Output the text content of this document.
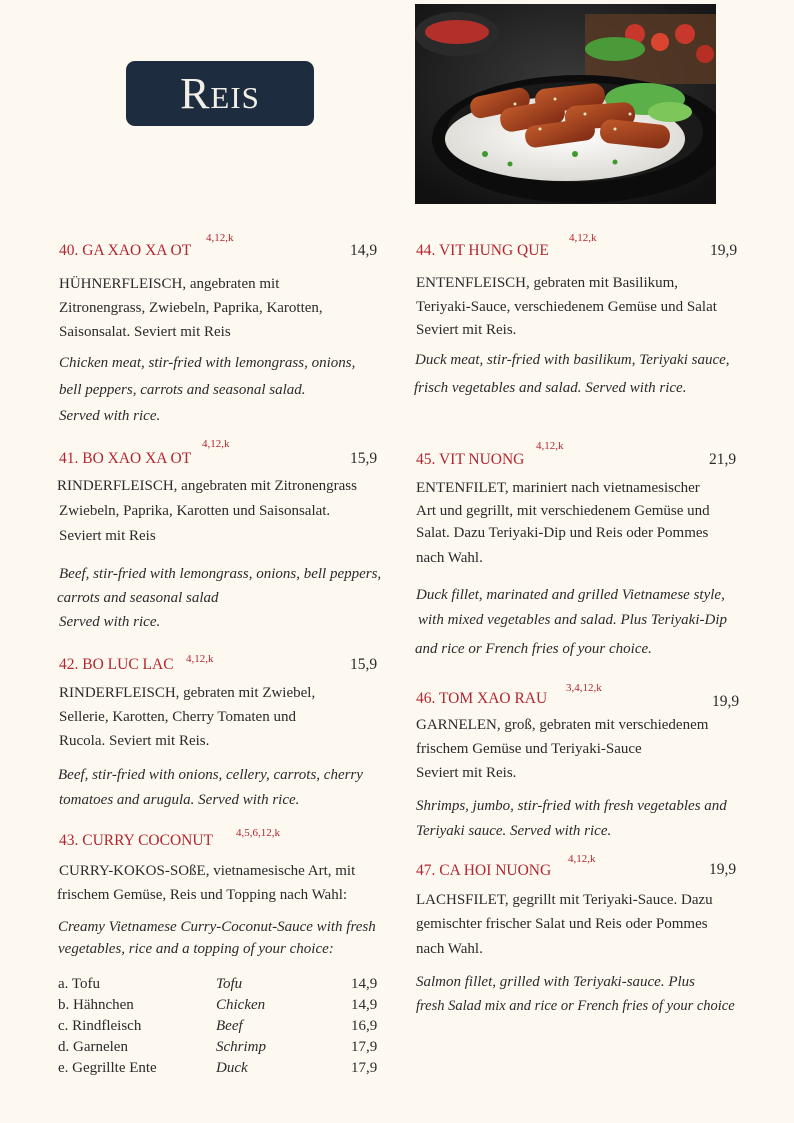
Reis
40. GA XAO XA OT
4,12,k
14,9
HÜHNERFLEISCH, angebraten mit
Zitronengrass, Zwiebeln, Paprika, Karotten,
Saisonsalat. Seviert mit Reis
Chicken meat, stir-fried with lemongrass, onions,
bell peppers, carrots and seasonal salad.
Served with rice.
41. BO XAO XA OT
4,12,k
15,9
RINDERFLEISCH, angebraten mit Zitronengrass
Zwiebeln, Paprika, Karotten und Saisonsalat.
Seviert mit Reis
Beef, stir-fried with lemongrass, onions, bell peppers,
carrots and seasonal salad
Served with rice.
42. BO LUC LAC 4,12,k	15,9
RINDERFLEISCH, gebraten mit Zwiebel,
Sellerie, Karotten, Cherry Tomaten und
Rucola. Seviert mit Reis.
Beef, stir-fried with onions, cellery, carrots, cherry
tomatoes and arugula. Served with rice.
43. CURRY COCONUT 4,5,6,12,k
CURRY-KOKOS-SOßE, vietnamesische Art, mit
frischem Gemüse, Reis und Topping nach Wahl:
Creamy Vietnamese Curry-Coconut-Sauce with fresh
vegetables, rice and a topping of your choice:
a. Tofu	Tofu	14,9
b. Hähnchen	Chicken	14,9
c. Rindfleisch	Beef	16,9
d. Garnelen	Schrimp	17,9
e. Gegrillte Ente	Duck	17,9
44. VIT HUNG QUE
4,12,k
19,9
ENTENFLEISCH, gebraten mit Basilikum,
Teriyaki-Sauce, verschiedenem Gemüse und Salat
Seviert mit Reis.
Duck meat, stir-fried with basilikum, Teriyaki sauce,
frisch vegetables and salad. Served with rice.
45. VIT NUONG
4,12,k
21,9
ENTENFILET, mariniert nach vietnamesischer
Art und gegrillt, mit verschiedenem Gemüse und
Salat. Dazu Teriyaki-Dip und Reis oder Pommes
nach Wahl.
Duck fillet, marinated and grilled Vietnamese style,
with mixed vegetables and salad. Plus Teriyaki-Dip
and rice or French fries of your choice.
46. TOM XAO RAU
3,4,12,k
19,9
GARNELEN, groß, gebraten mit verschiedenem
frischem Gemüse und Teriyaki-Sauce
Seviert mit Reis.
Shrimps, jumbo, stir-fried with fresh vegetables and
Teriyaki sauce. Served with rice.
47. CA HOI NUONG
4,12,k
19,9
LACHSFILET, gegrillt mit Teriyaki-Sauce. Dazu
gemischter frischer Salat und Reis oder Pommes
nach Wahl.
Salmon fillet, grilled with Teriyaki-sauce. Plus
fresh Salad mix and rice or French fries of your choice
